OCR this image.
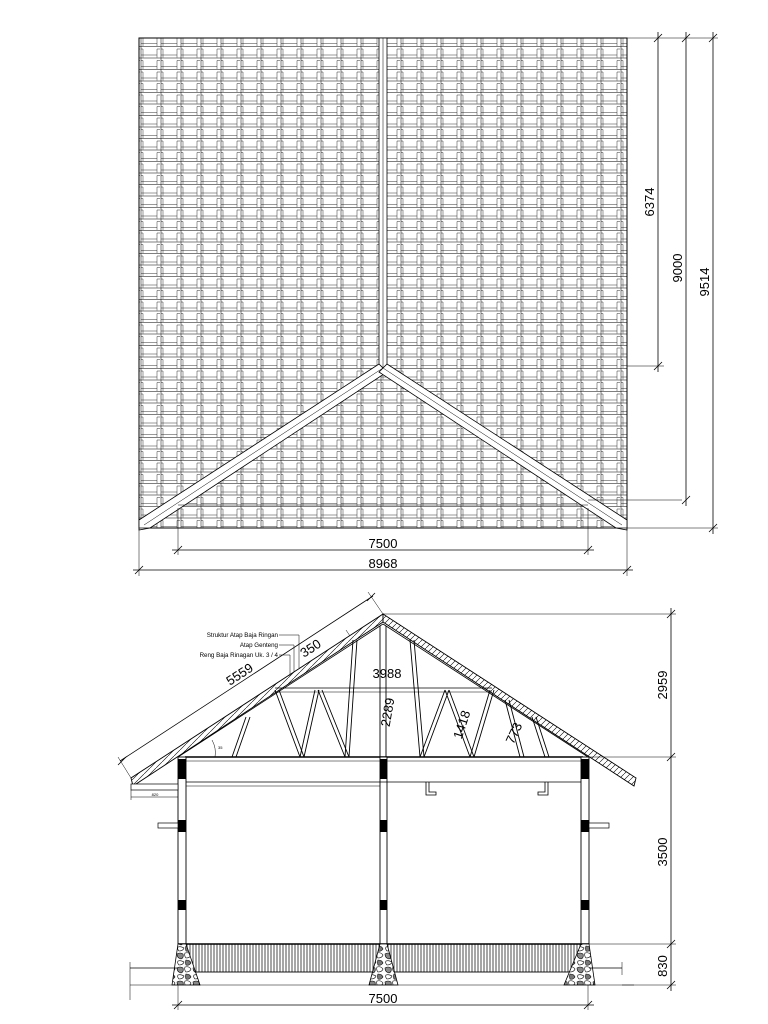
7500
8968
6374
9000 9514
820
Struktur Atap Baja Ringan
Atap Genteng
Reng Baja Rinagan Uk. 3 / 4
5559
350
35
3988
2289	1418 773
2959
3500
830
7500
